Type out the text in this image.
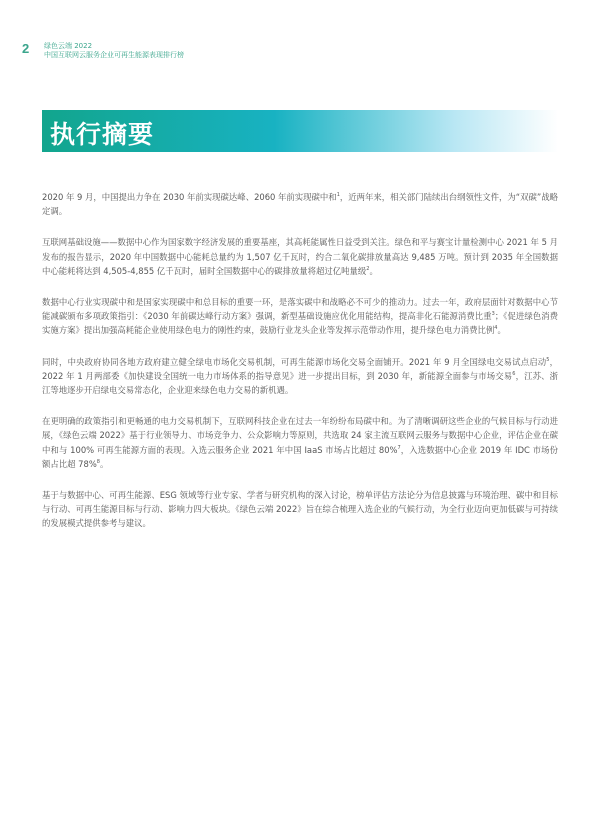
2 绿色云端 2022
中国互联网云服务企业可再生能源表现排行榜
执行摘要

2020 年 9 月，中国提出力争在 2030 年前实现碳达峰、2060 年前实现碳中和$^1$，近两年来，相关部门陆续出台纲领性文件，为“双碳”战略定调。

互联网基础设施——数据中心作为国家数字经济发展的重要基座，其高耗能属性日益受到关注。绿色和平与赛宝计量检测中心 2021 年 5 月发布的报告显示，2020 年中国数据中心能耗总量约为 1,507 亿千瓦时，约合二氧化碳排放量高达 9,485 万吨。预计到 2035 年全国数据中心能耗将达到 4,505-4,855 亿千瓦时，届时全国数据中心的碳排放量将超过亿吨量级$^2$。

数据中心行业实现碳中和是国家实现碳中和总目标的重要一环，是落实碳中和战略必不可少的推动力。过去一年，政府层面针对数据中心节能减碳颁布多项政策指引：《2030 年前碳达峰行动方案》强调，新型基础设施应优化用能结构，提高非化石能源消费比重$^3$；《促进绿色消费实施方案》提出加强高耗能企业使用绿色电力的刚性约束，鼓励行业龙头企业等发挥示范带动作用，提升绿色电力消费比例$^4$。

同时，中央政府协同各地方政府建立健全绿电市场化交易机制，可再生能源市场化交易全面铺开。2021 年 9 月全国绿电交易试点启动$^5$，2022 年 1 月两部委《加快建设全国统一电力市场体系的指导意见》进一步提出目标，到 2030 年，新能源全面参与市场交易$^6$，江苏、浙江等地逐步开启绿电交易常态化，企业迎来绿色电力交易的新机遇。

在更明确的政策指引和更畅通的电力交易机制下，互联网科技企业在过去一年纷纷布局碳中和。为了清晰调研这些企业的气候目标与行动进展，《绿色云端 2022》基于行业领导力、市场竞争力、公众影响力等原则，共选取 24 家主流互联网云服务与数据中心企业，评估企业在碳中和与 100% 可再生能源方面的表现。入选云服务企业 2021 年中国 IaaS 市场占比超过 80%$^7$，入选数据中心企业 2019 年 IDC 市场份额占比超 78%$^8$。

基于与数据中心、可再生能源、ESG 领域等行业专家、学者与研究机构的深入讨论，榜单评估方法论分为信息披露与环境治理、碳中和目标与行动、可再生能源目标与行动、影响力四大板块。《绿色云端 2022》旨在综合梳理入选企业的气候行动，为全行业迈向更加低碳与可持续的发展模式提供参考与建议。
